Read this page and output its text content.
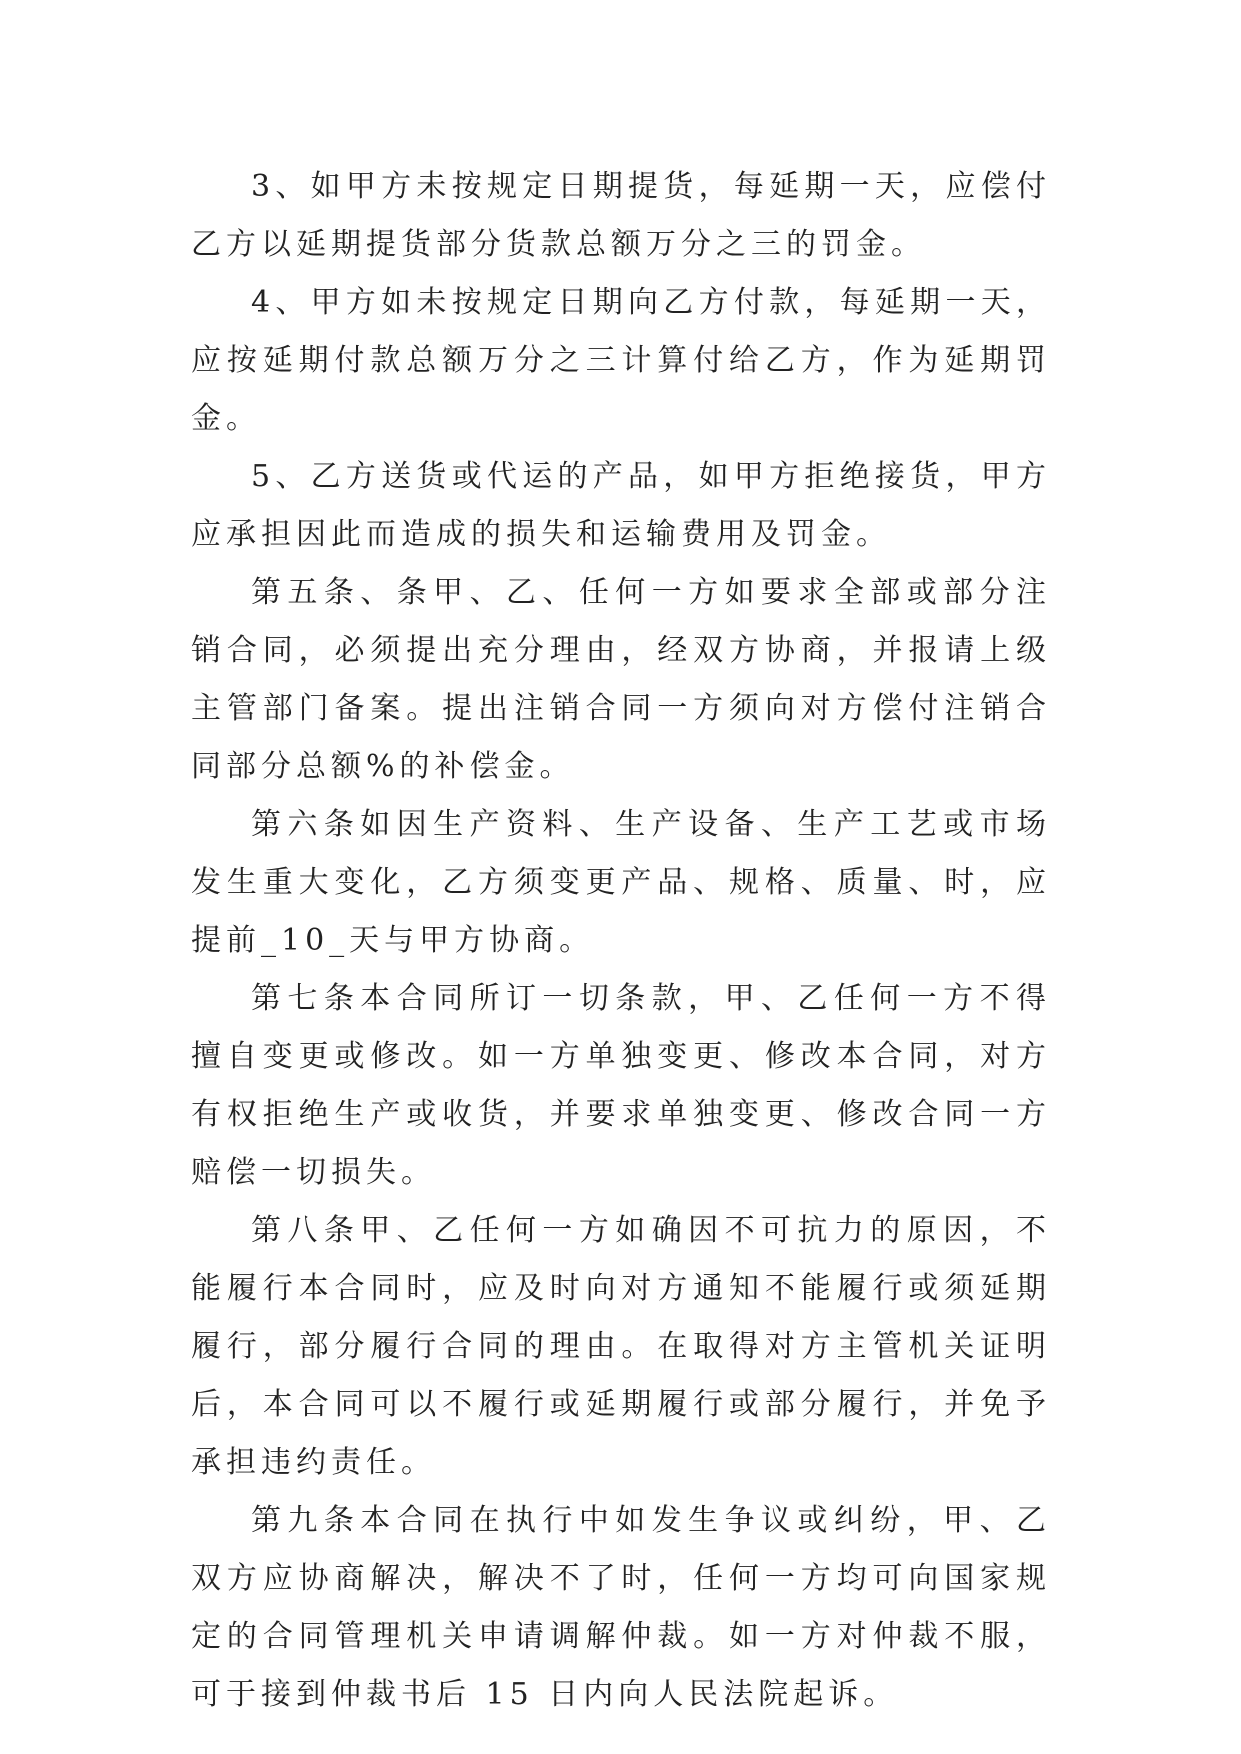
3、如甲方未按规定日期提货，每延期一天，应偿付乙方以延期提货部分货款总额万分之三的罚金。

4、甲方如未按规定日期向乙方付款，每延期一天，应按延期付款总额万分之三计算付给乙方，作为延期罚金。

5、乙方送货或代运的产品，如甲方拒绝接货，甲方应承担因此而造成的损失和运输费用及罚金。

第五条、条甲、乙、任何一方如要求全部或部分注销合同，必须提出充分理由，经双方协商，并报请上级主管部门备案。提出注销合同一方须向对方偿付注销合同部分总额%的补偿金。

第六条如因生产资料、生产设备、生产工艺或市场发生重大变化，乙方须变更产品、规格、质量、时，应提前_10_天与甲方协商。

第七条本合同所订一切条款，甲、乙任何一方不得擅自变更或修改。如一方单独变更、修改本合同，对方有权拒绝生产或收货，并要求单独变更、修改合同一方赔偿一切损失。

第八条甲、乙任何一方如确因不可抗力的原因，不能履行本合同时，应及时向对方通知不能履行或须延期履行，部分履行合同的理由。在取得对方主管机关证明后，本合同可以不履行或延期履行或部分履行，并免予承担违约责任。

第九条本合同在执行中如发生争议或纠纷，甲、乙双方应协商解决，解决不了时，任何一方均可向国家规定的合同管理机关申请调解仲裁。如一方对仲裁不服，可于接到仲裁书后 15 日内向人民法院起诉。
